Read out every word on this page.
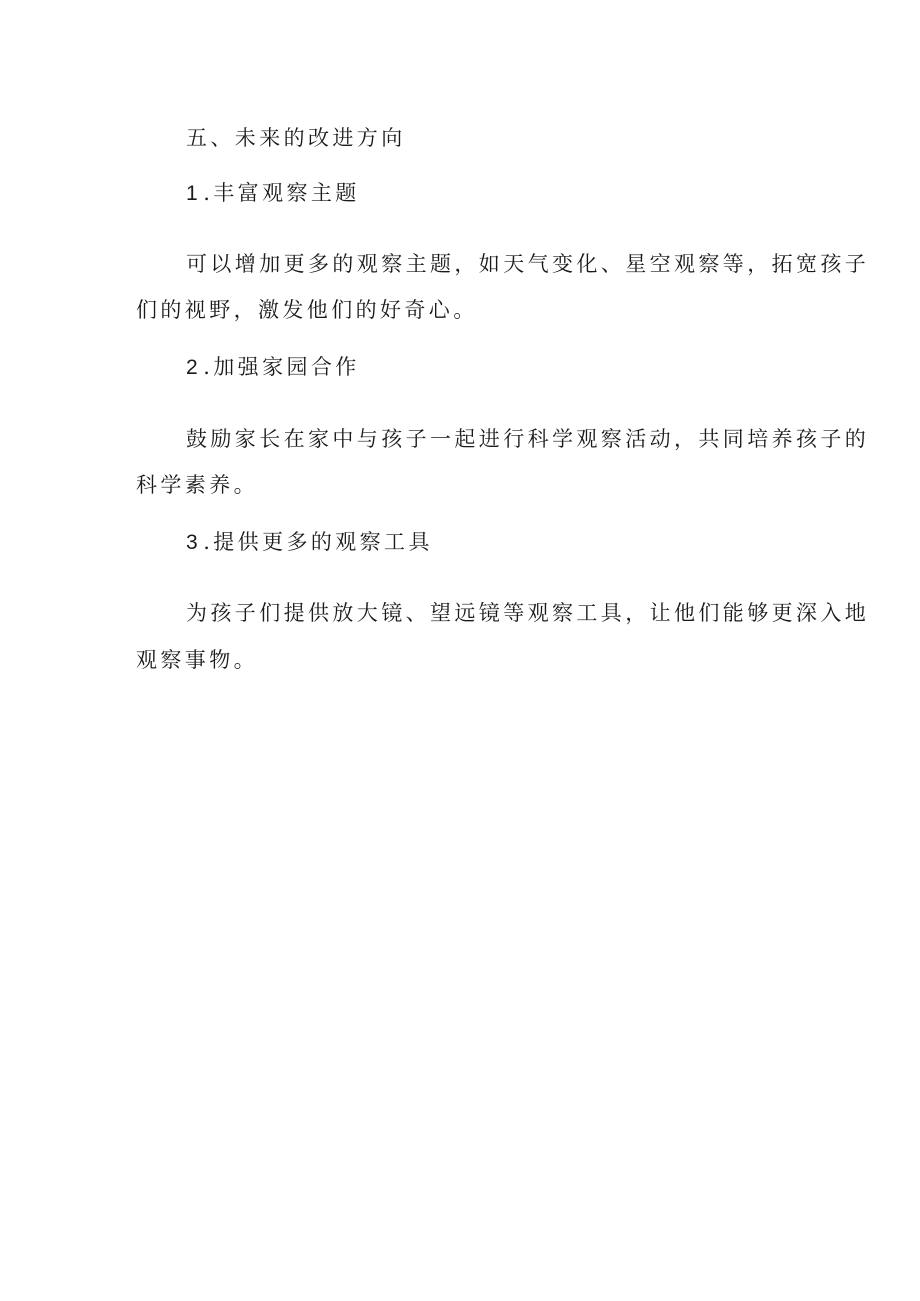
五、未来的改进方向
1  .丰富观察主题
可以增加更多的观察主题，如天气变化、星空观察等，拓宽孩子
们的视野，激发他们的好奇心。
2  .加强家园合作
鼓励家长在家中与孩子一起进行科学观察活动，共同培养孩子的
科学素养。
3  .提供更多的观察工具
为孩子们提供放大镜、望远镜等观察工具，让他们能够更深入地
观察事物。
